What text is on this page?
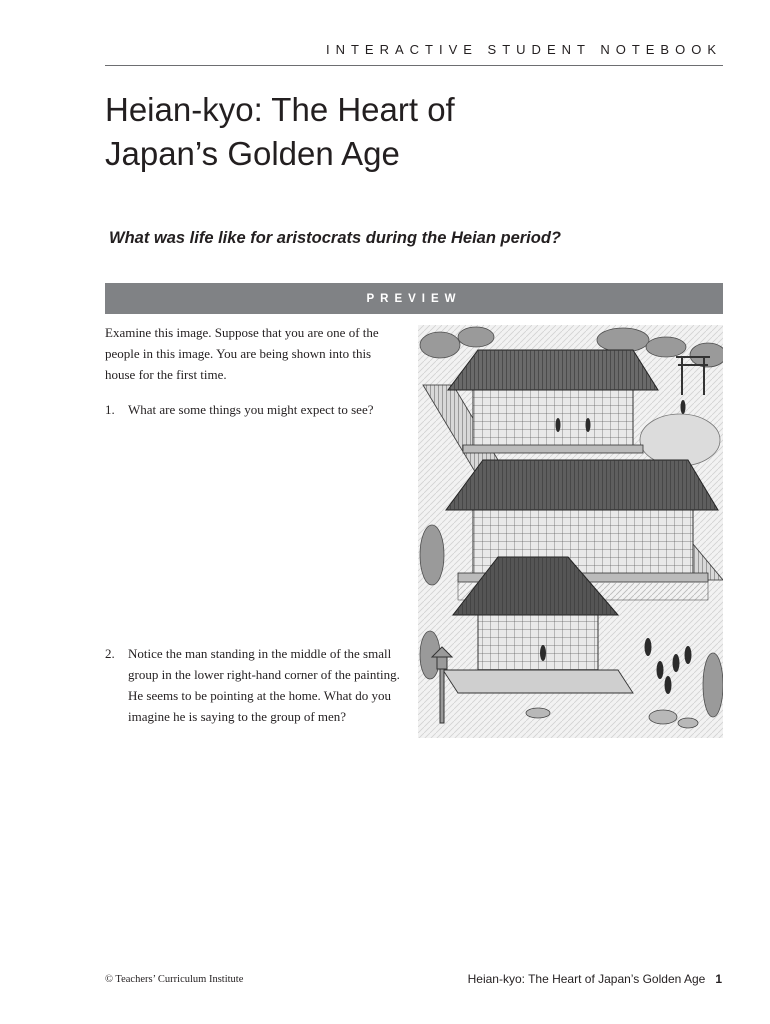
INTERACTIVE STUDENT NOTEBOOK
Heian-kyo: The Heart of
Japan’s Golden Age

What was life like for aristocrats during the Heian period?

PREVIEW

Examine this image. Suppose that you are one of the people in this image. You are being shown into this house for the first time.

1.	What are some things you might expect to see?
2.	Notice the man standing in the middle of the small group in the lower right-hand corner of the painting. He seems to be pointing at the home. What do you imagine he is saying to the group of men?
© Teachers’ Curriculum Institute	Heian-kyo: The Heart of Japan’s Golden Age 1
